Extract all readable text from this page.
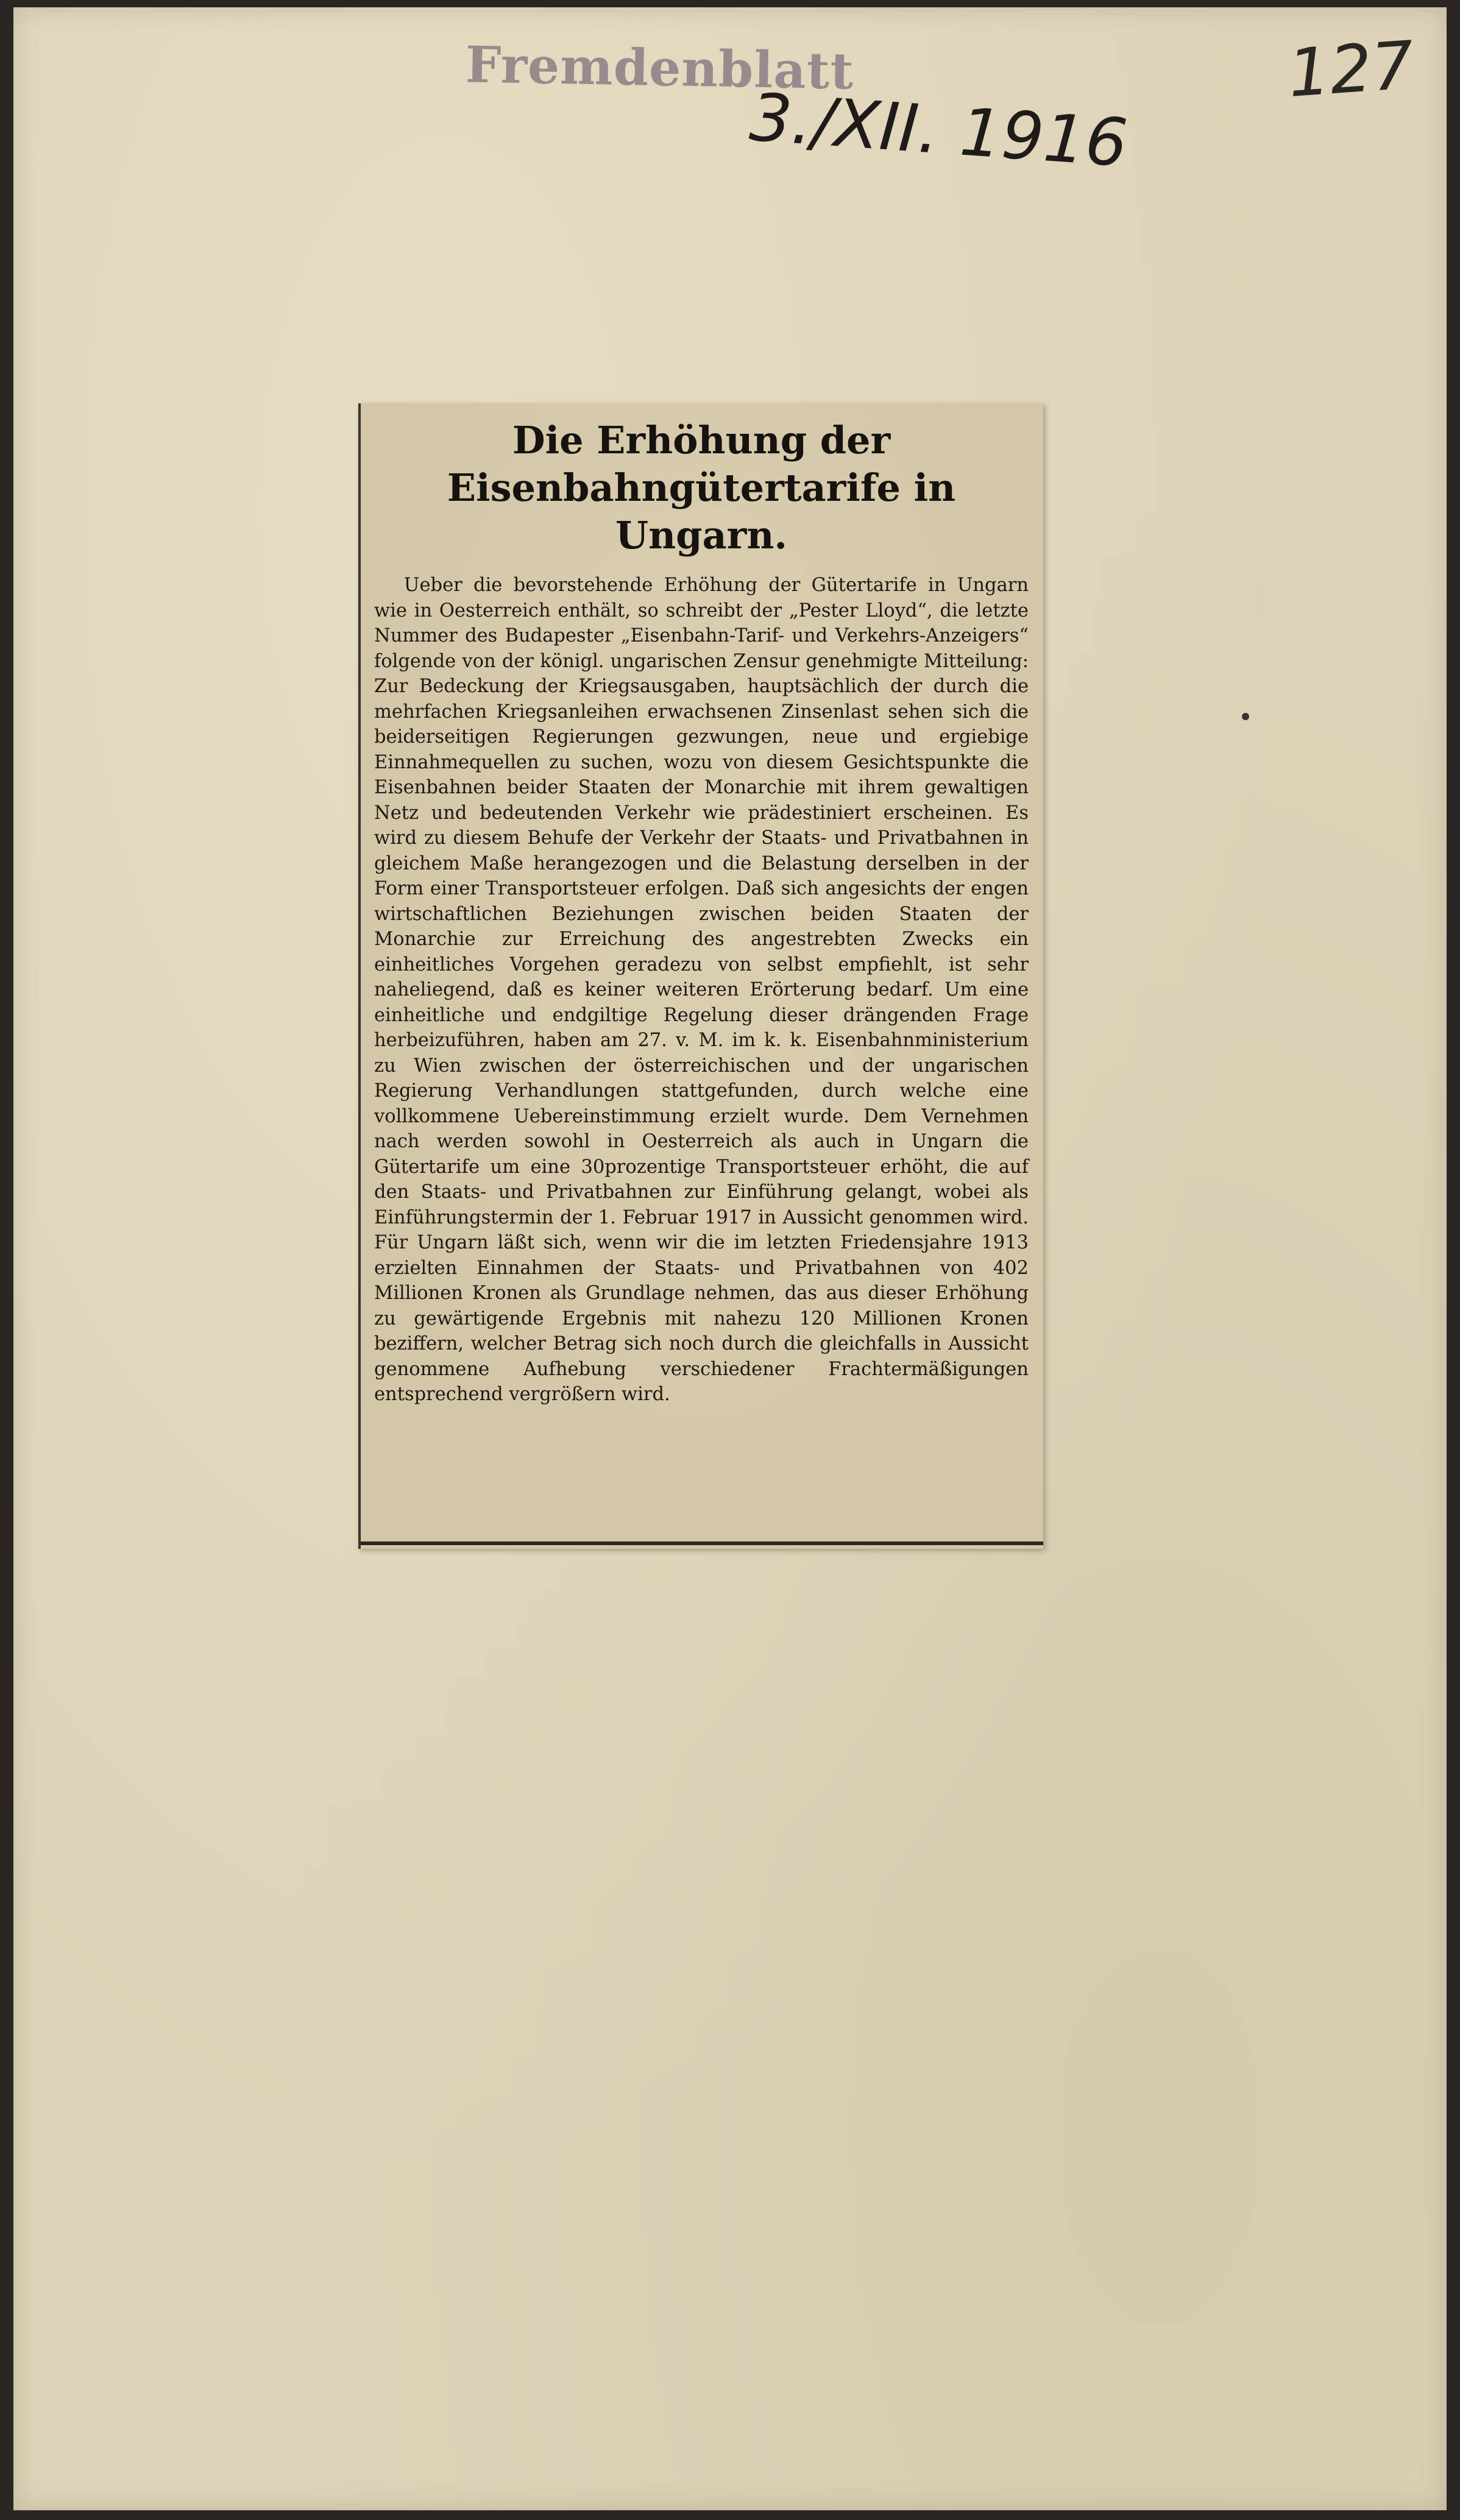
Fremdenblatt
3./XII. 1916
127
Die Erhöhung der Eisenbahngütertarife in Ungarn.

Ueber die bevorstehende Erhöhung der Gütertarife in Ungarn wie in Oesterreich enthält, so schreibt der „Pester Lloyd“, die letzte Nummer des Budapester „Eisenbahn-Tarif- und Verkehrs-Anzeigers“ folgende von der königl. ungarischen Zensur genehmigte Mitteilung: Zur Bedeckung der Kriegsausgaben, hauptsächlich der durch die mehrfachen Kriegsanleihen erwachsenen Zinsenlast sehen sich die beiderseitigen Regierungen gezwungen, neue und ergiebige Einnahmequellen zu suchen, wozu von diesem Gesichtspunkte die Eisenbahnen beider Staaten der Monarchie mit ihrem gewaltigen Netz und bedeutenden Verkehr wie prädestiniert erscheinen. Es wird zu diesem Behufe der Verkehr der Staats- und Privatbahnen in gleichem Maße herangezogen und die Belastung derselben in der Form einer Transportsteuer erfolgen. Daß sich angesichts der engen wirtschaftlichen Beziehungen zwischen beiden Staaten der Monarchie zur Erreichung des angestrebten Zwecks ein einheitliches Vorgehen geradezu von selbst empfiehlt, ist sehr naheliegend, daß es keiner weiteren Erörterung bedarf. Um eine einheitliche und endgiltige Regelung dieser drängenden Frage herbeizuführen, haben am 27. v. M. im k. k. Eisenbahnministerium zu Wien zwischen der österreichischen und der ungarischen Regierung Verhandlungen stattgefunden, durch welche eine vollkommene Uebereinstimmung erzielt wurde. Dem Vernehmen nach werden sowohl in Oesterreich als auch in Ungarn die Gütertarife um eine 30prozentige Transportsteuer erhöht, die auf den Staats- und Privatbahnen zur Einführung gelangt, wobei als Einführungstermin der 1. Februar 1917 in Aussicht genommen wird. Für Ungarn läßt sich, wenn wir die im letzten Friedensjahre 1913 erzielten Einnahmen der Staats- und Privatbahnen von 402 Millionen Kronen als Grundlage nehmen, das aus dieser Erhöhung zu gewärtigende Ergebnis mit nahezu 120 Millionen Kronen beziffern, welcher Betrag sich noch durch die gleichfalls in Aussicht genommene Aufhebung verschiedener Frachtermäßigungen entsprechend vergrößern wird.
